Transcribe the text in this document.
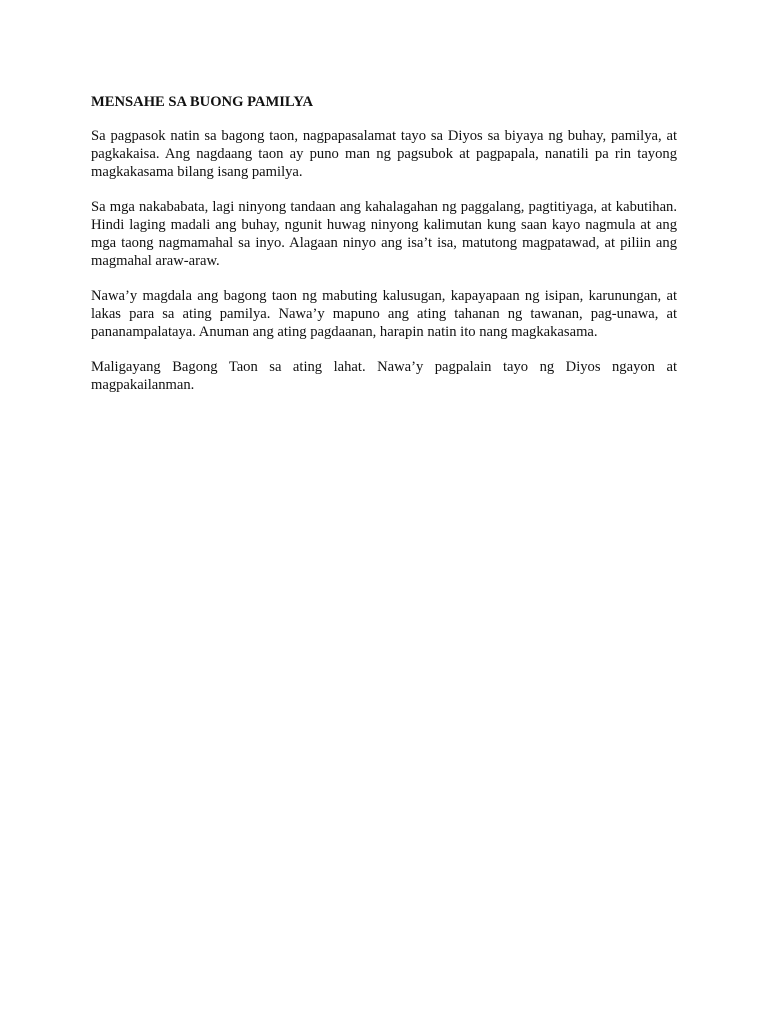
MENSAHE SA BUONG PAMILYA

Sa pagpasok natin sa bagong taon, nagpapasalamat tayo sa Diyos sa biyaya ng buhay, pamilya, at pagkakaisa. Ang nagdaang taon ay puno man ng pagsubok at pagpapala, nanatili pa rin tayong magkakasama bilang isang pamilya.

Sa mga nakababata, lagi ninyong tandaan ang kahalagahan ng paggalang, pagtitiyaga, at kabutihan. Hindi laging madali ang buhay, ngunit huwag ninyong kalimutan kung saan kayo nagmula at ang mga taong nagmamahal sa inyo. Alagaan ninyo ang isa’t isa, matutong magpatawad, at piliin ang magmahal araw-araw.

Nawa’y magdala ang bagong taon ng mabuting kalusugan, kapayapaan ng isipan, karunungan, at lakas para sa ating pamilya. Nawa’y mapuno ang ating tahanan ng tawanan, pag-unawa, at pananampalataya. Anuman ang ating pagdaanan, harapin natin ito nang magkakasama.

Maligayang Bagong Taon sa ating lahat. Nawa’y pagpalain tayo ng Diyos ngayon at magpakailanman.
